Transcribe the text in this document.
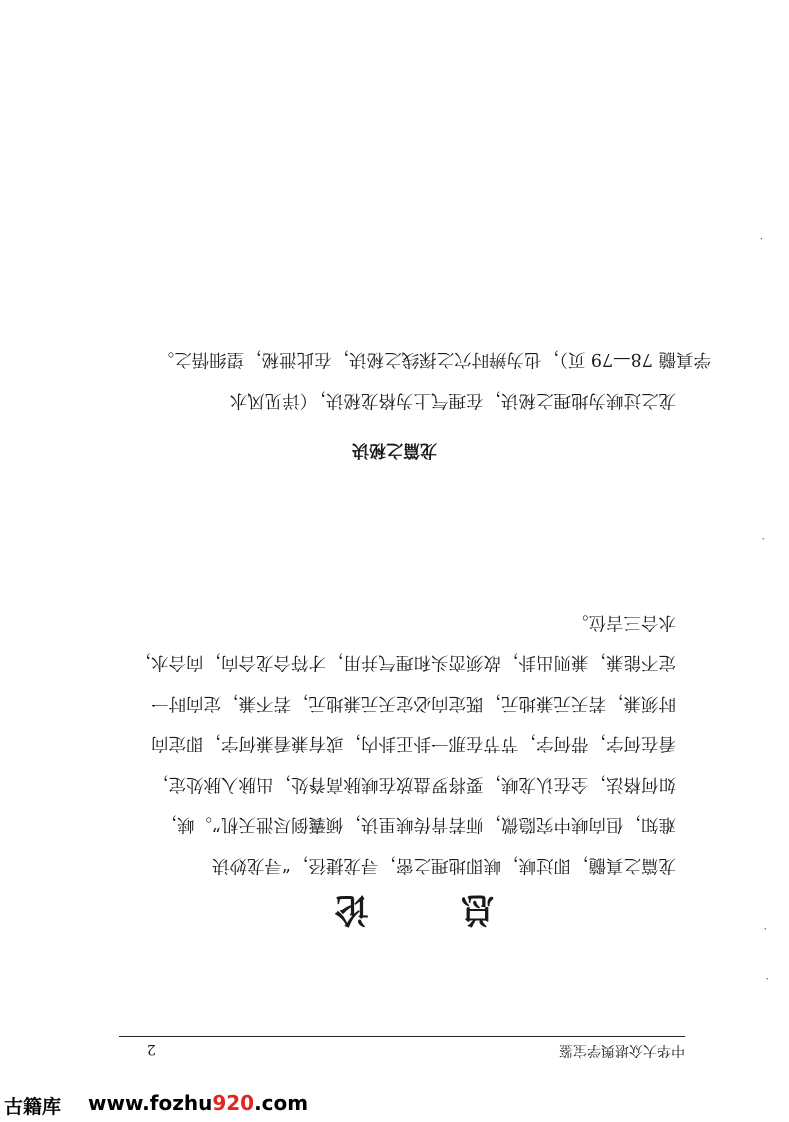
中华大众堪舆学宝鉴
2
总 论

龙篇之真髓，即过峡，峡即地理之密，寻龙捷径，“寻龙妙诀

难知，但向峡中究隐微，师若肯传峡里诀，倾囊倒尽泄天机”。峡，
如何格法，全在认龙峡，要将罗盘放在峡脉高脊处，出脉入脉处定，
看在何字，带何字，节节在那一卦正卦内，或有兼看兼何字，即定向
时须兼，若天元兼地元，既定向必定天元兼地元，若不兼，定向时一
定不能兼，兼则出卦，故须峦头和理气并用，才符合龙合向，向合水，
水合三吉位。
龙篇之秘诀

龙之过峡为地理之秘诀，在理气上为格龙秘诀，（详见风水

学真髓 78—79 页），也为辨时穴之探线之秘诀，在此泄秘，望细悟之。
·
·
·
·
古籍库 www.fozhu920.com
